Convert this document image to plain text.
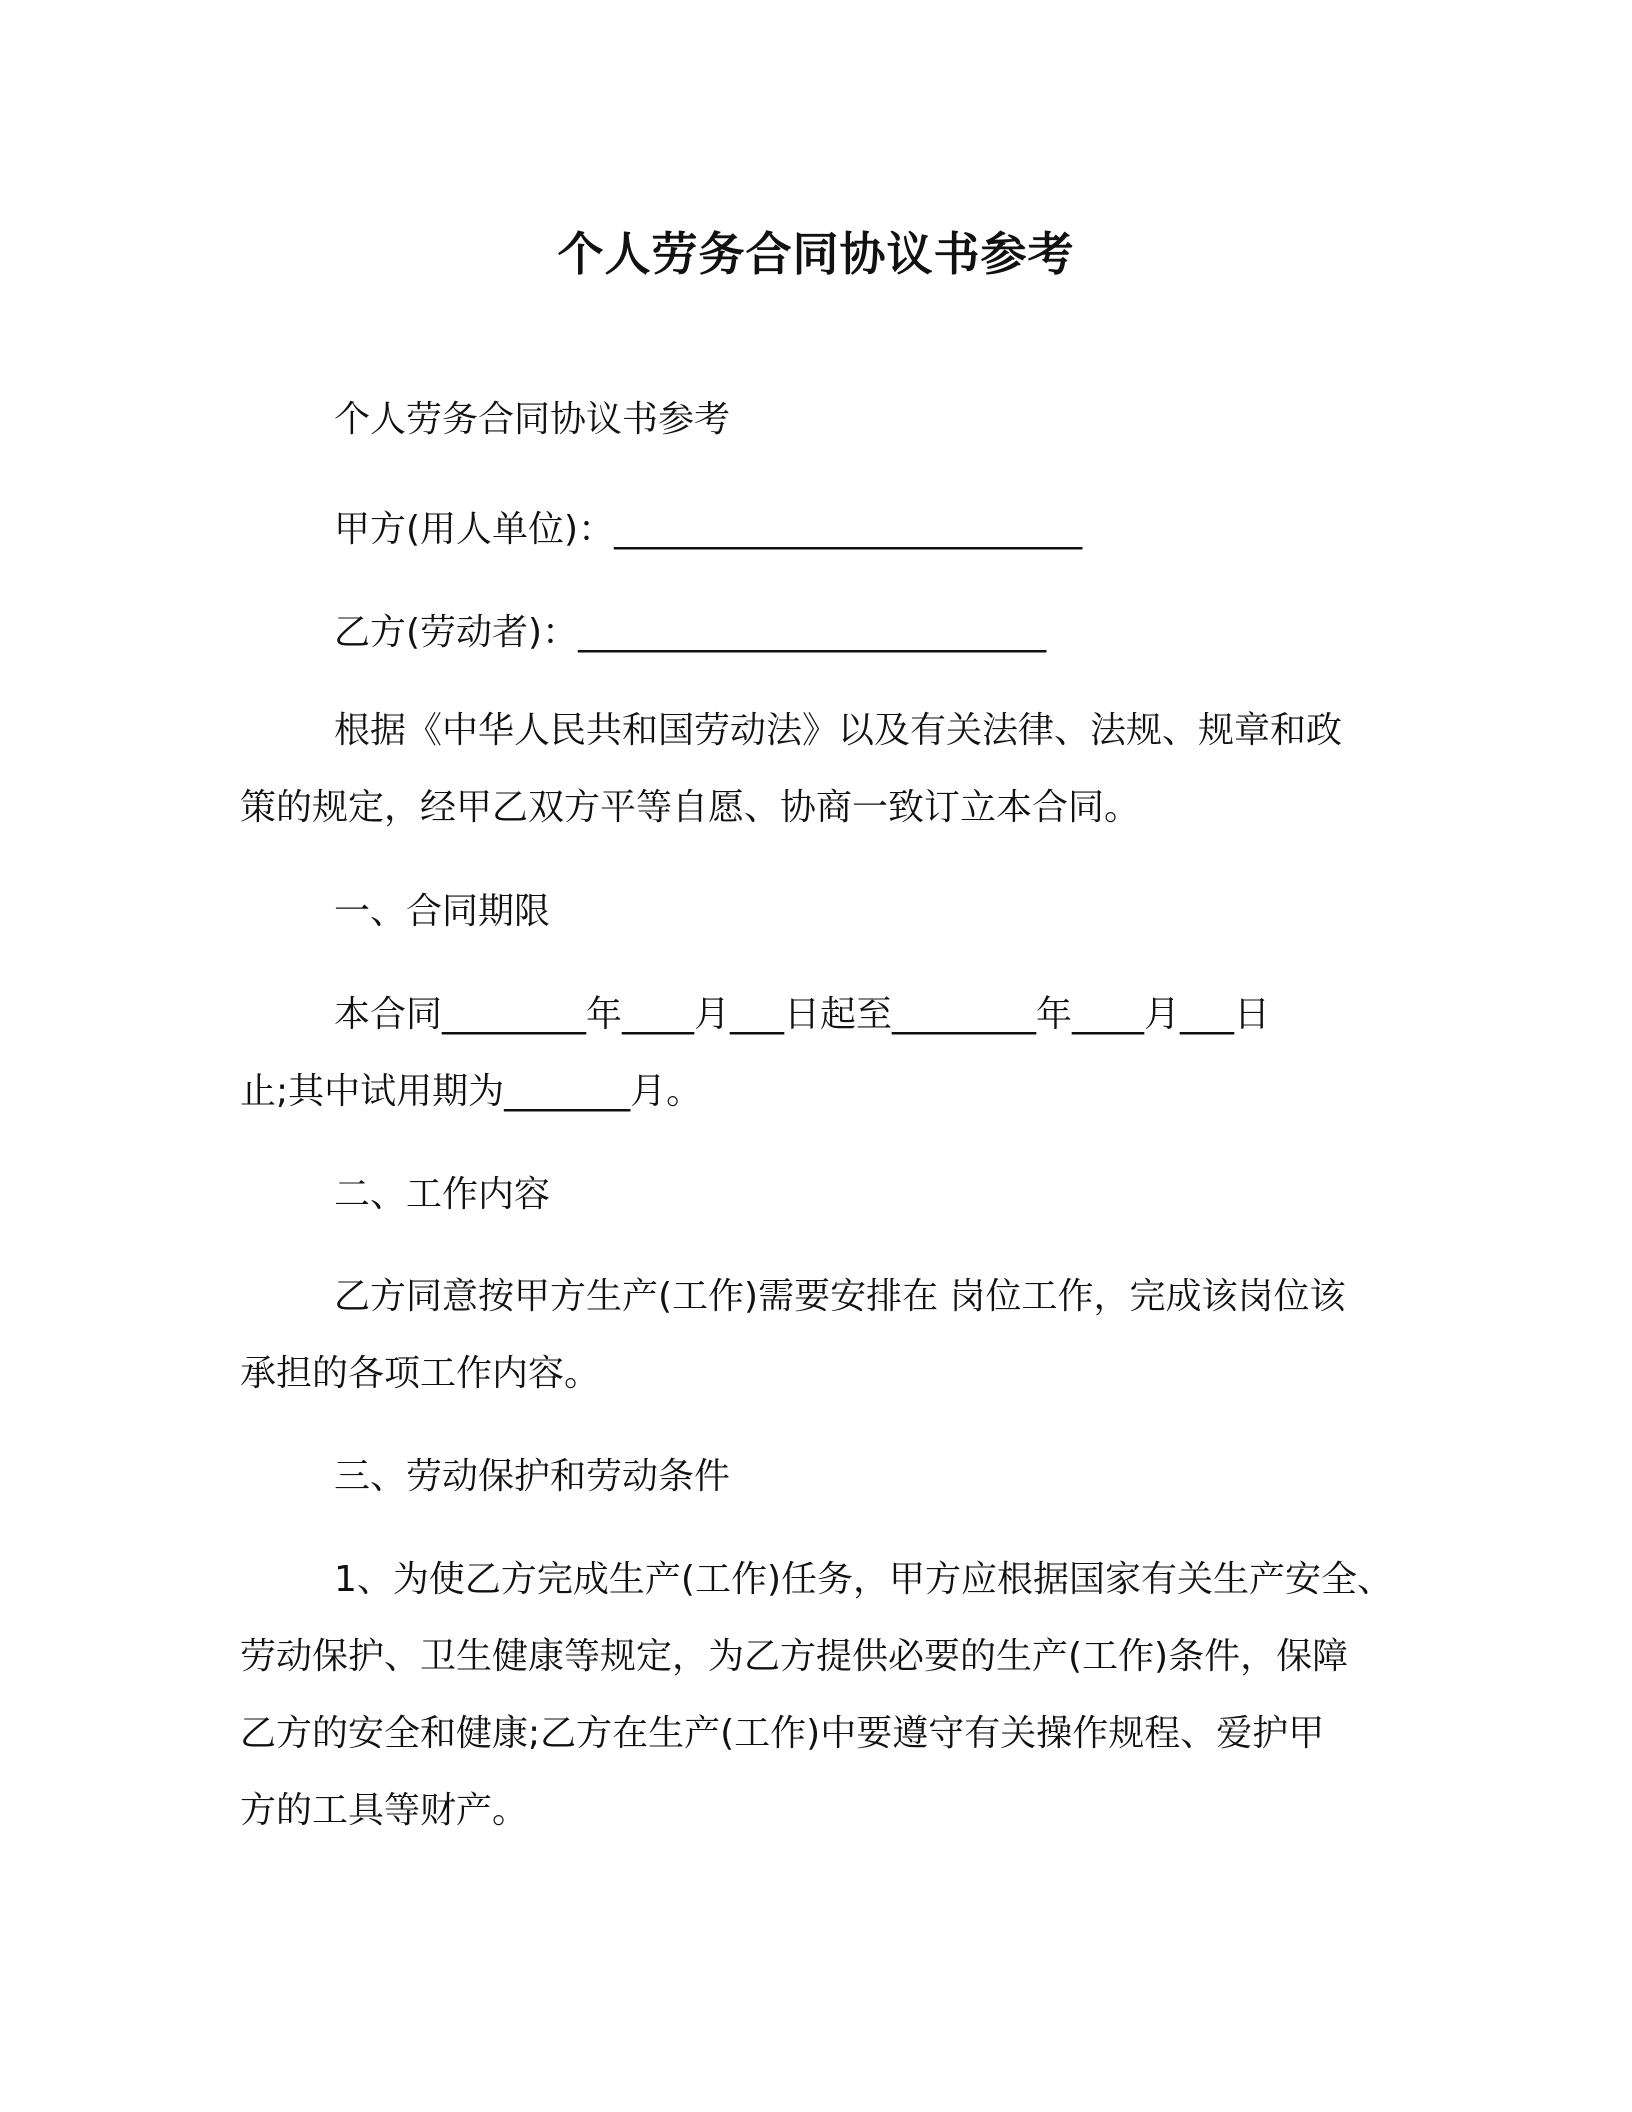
个人劳务合同协议书参考
个人劳务合同协议书参考
甲方(用人单位)：__________________________
乙方(劳动者)：__________________________
根据《中华人民共和国劳动法》以及有关法律、法规、规章和政
策的规定，经甲乙双方平等自愿、协商一致订立本合同。
一、合同期限
本合同________年____月___日起至________年____月___日
止;其中试用期为_______月。
二、工作内容
乙方同意按甲方生产(工作)需要安排在 岗位工作，完成该岗位该
承担的各项工作内容。
三、劳动保护和劳动条件
1、为使乙方完成生产(工作)任务，甲方应根据国家有关生产安全、
劳动保护、卫生健康等规定，为乙方提供必要的生产(工作)条件，保障
乙方的安全和健康;乙方在生产(工作)中要遵守有关操作规程、爱护甲
方的工具等财产。
